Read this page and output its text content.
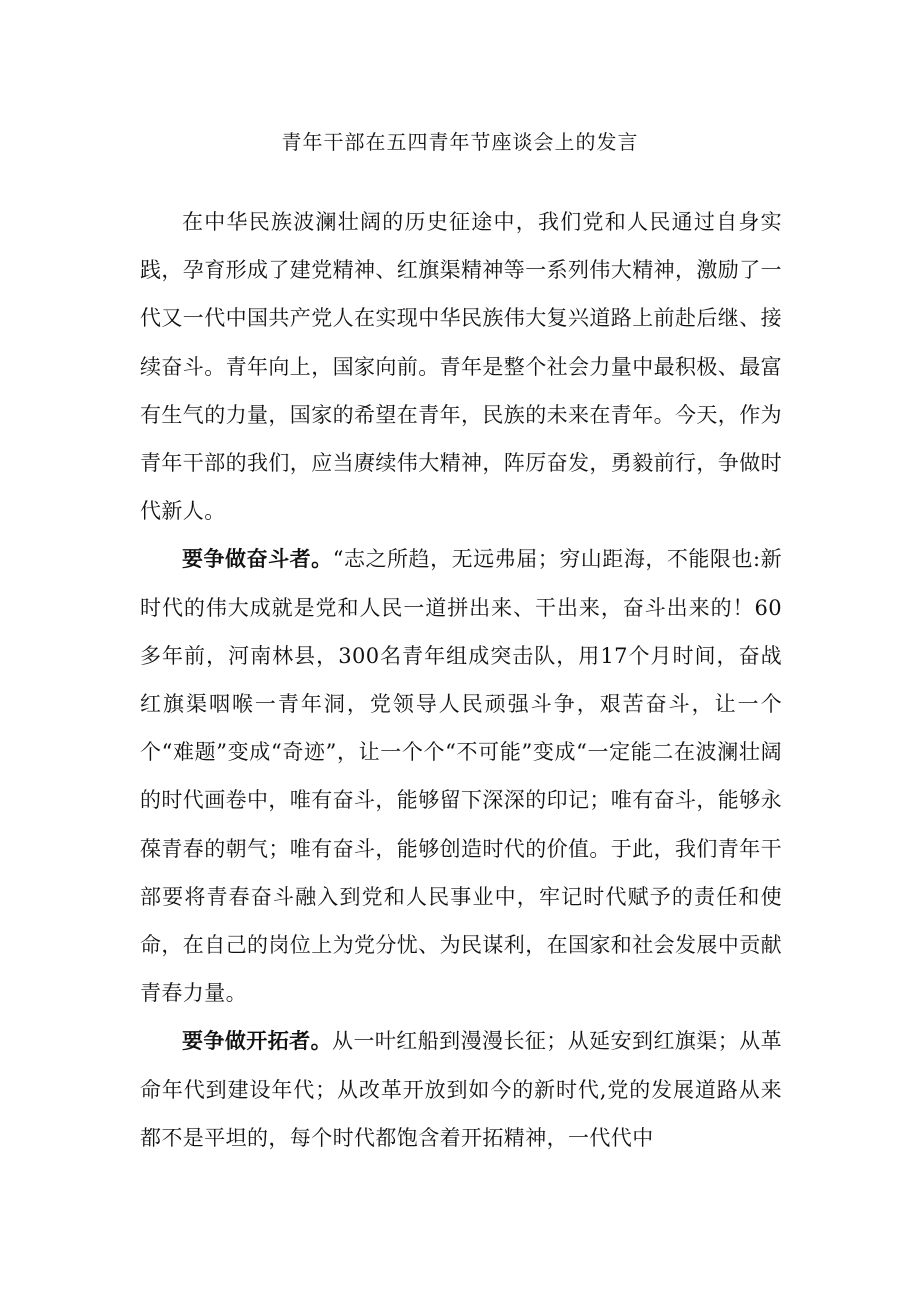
青年干部在五四青年节座谈会上的发言

在中华民族波澜壮阔的历史征途中，我们党和人民通过自身实践，孕育形成了建党精神、红旗渠精神等一系列伟大精神，激励了一代又一代中国共产党人在实现中华民族伟大复兴道路上前赴后继、接续奋斗。青年向上，国家向前。青年是整个社会力量中最积极、最富有生气的力量，国家的希望在青年，民族的未来在青年。今天，作为青年干部的我们，应当赓续伟大精神，阵厉奋发，勇毅前行，争做时代新人。

要争做奋斗者。“志之所趋，无远弗届；穷山距海，不能限也:新时代的伟大成就是党和人民一道拼出来、干出来，奋斗出来的！60多年前，河南林县，300名青年组成突击队，用17个月时间，奋战红旗渠咽喉一青年洞，党领导人民顽强斗争，艰苦奋斗，让一个个“难题”变成“奇迹”，让一个个“不可能”变成“一定能二在波澜壮阔的时代画卷中，唯有奋斗，能够留下深深的印记；唯有奋斗，能够永葆青春的朝气；唯有奋斗，能够创造时代的价值。于此，我们青年干部要将青春奋斗融入到党和人民事业中，牢记时代赋予的责任和使命，在自己的岗位上为党分忧、为民谋利，在国家和社会发展中贡献青春力量。

要争做开拓者。从一叶红船到漫漫长征；从延安到红旗渠；从革命年代到建设年代；从改革开放到如今的新时代,党的发展道路从来都不是平坦的，每个时代都饱含着开拓精神，一代代中
